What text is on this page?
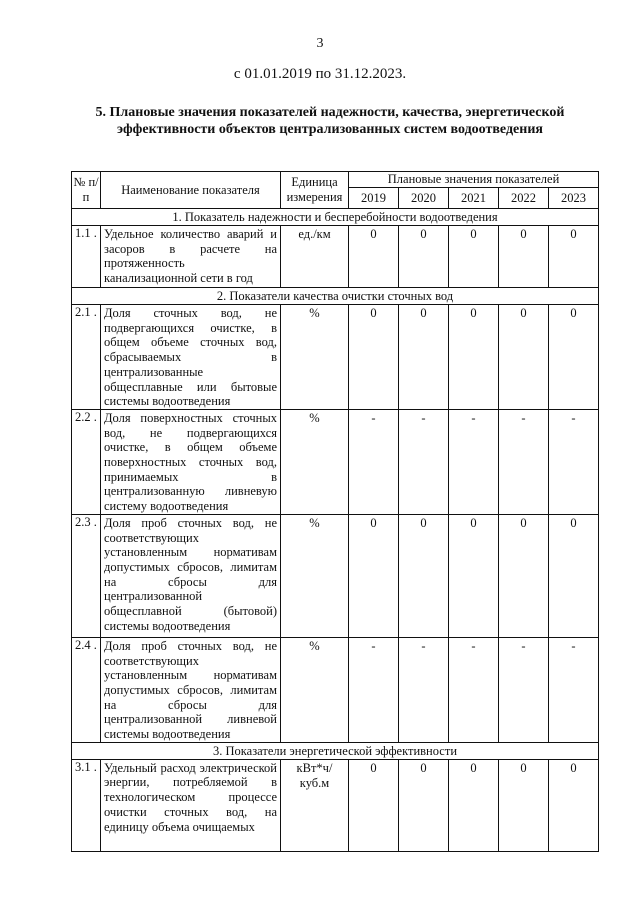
3
с 01.01.2019 по 31.12.2023.
5. Плановые значения показателей надежности, качества, энергетической эффективности объектов централизованных систем водоотведения
№ п/п	Наименование показателя	Единица измерения	Плановые значения показателей				
			2019	2020	2021	2022	2023
1. Показатель надежности и бесперебойности водоотведения							
1.1 .	Удельное количество аварий и засоров в расчете на протяженность канализационной сети в год	ед./км	0	0	0	0	0
2. Показатели качества очистки сточных вод							
2.1 .	Доля сточных вод, не подвергающихся очистке, в общем объеме сточных вод, сбрасываемых в централизованные общесплавные или бытовые системы водоотведения	%	0	0	0	0	0
2.2 .	Доля поверхностных сточных вод, не подвергающихся очистке, в общем объеме поверхностных сточных вод, принимаемых в централизованную ливневую систему водоотведения	%	-	-	-	-	-
2.3 .	Доля проб сточных вод, не соответствующих установленным нормативам допустимых сбросов, лимитам на сбросы для централизованной общесплавной (бытовой) системы водоотведения	%	0	0	0	0	0
2.4 .	Доля проб сточных вод, не соответствующих установленным нормативам допустимых сбросов, лимитам на сбросы для централизованной ливневой системы водоотведения	%	-	-	-	-	-
3. Показатели энергетической эффективности							
3.1 .	Удельный расход электрической энергии, потребляемой в технологическом процессе очистки сточных вод, на единицу объема очищаемых	кВт*ч/ куб.м	0	0	0	0	0
